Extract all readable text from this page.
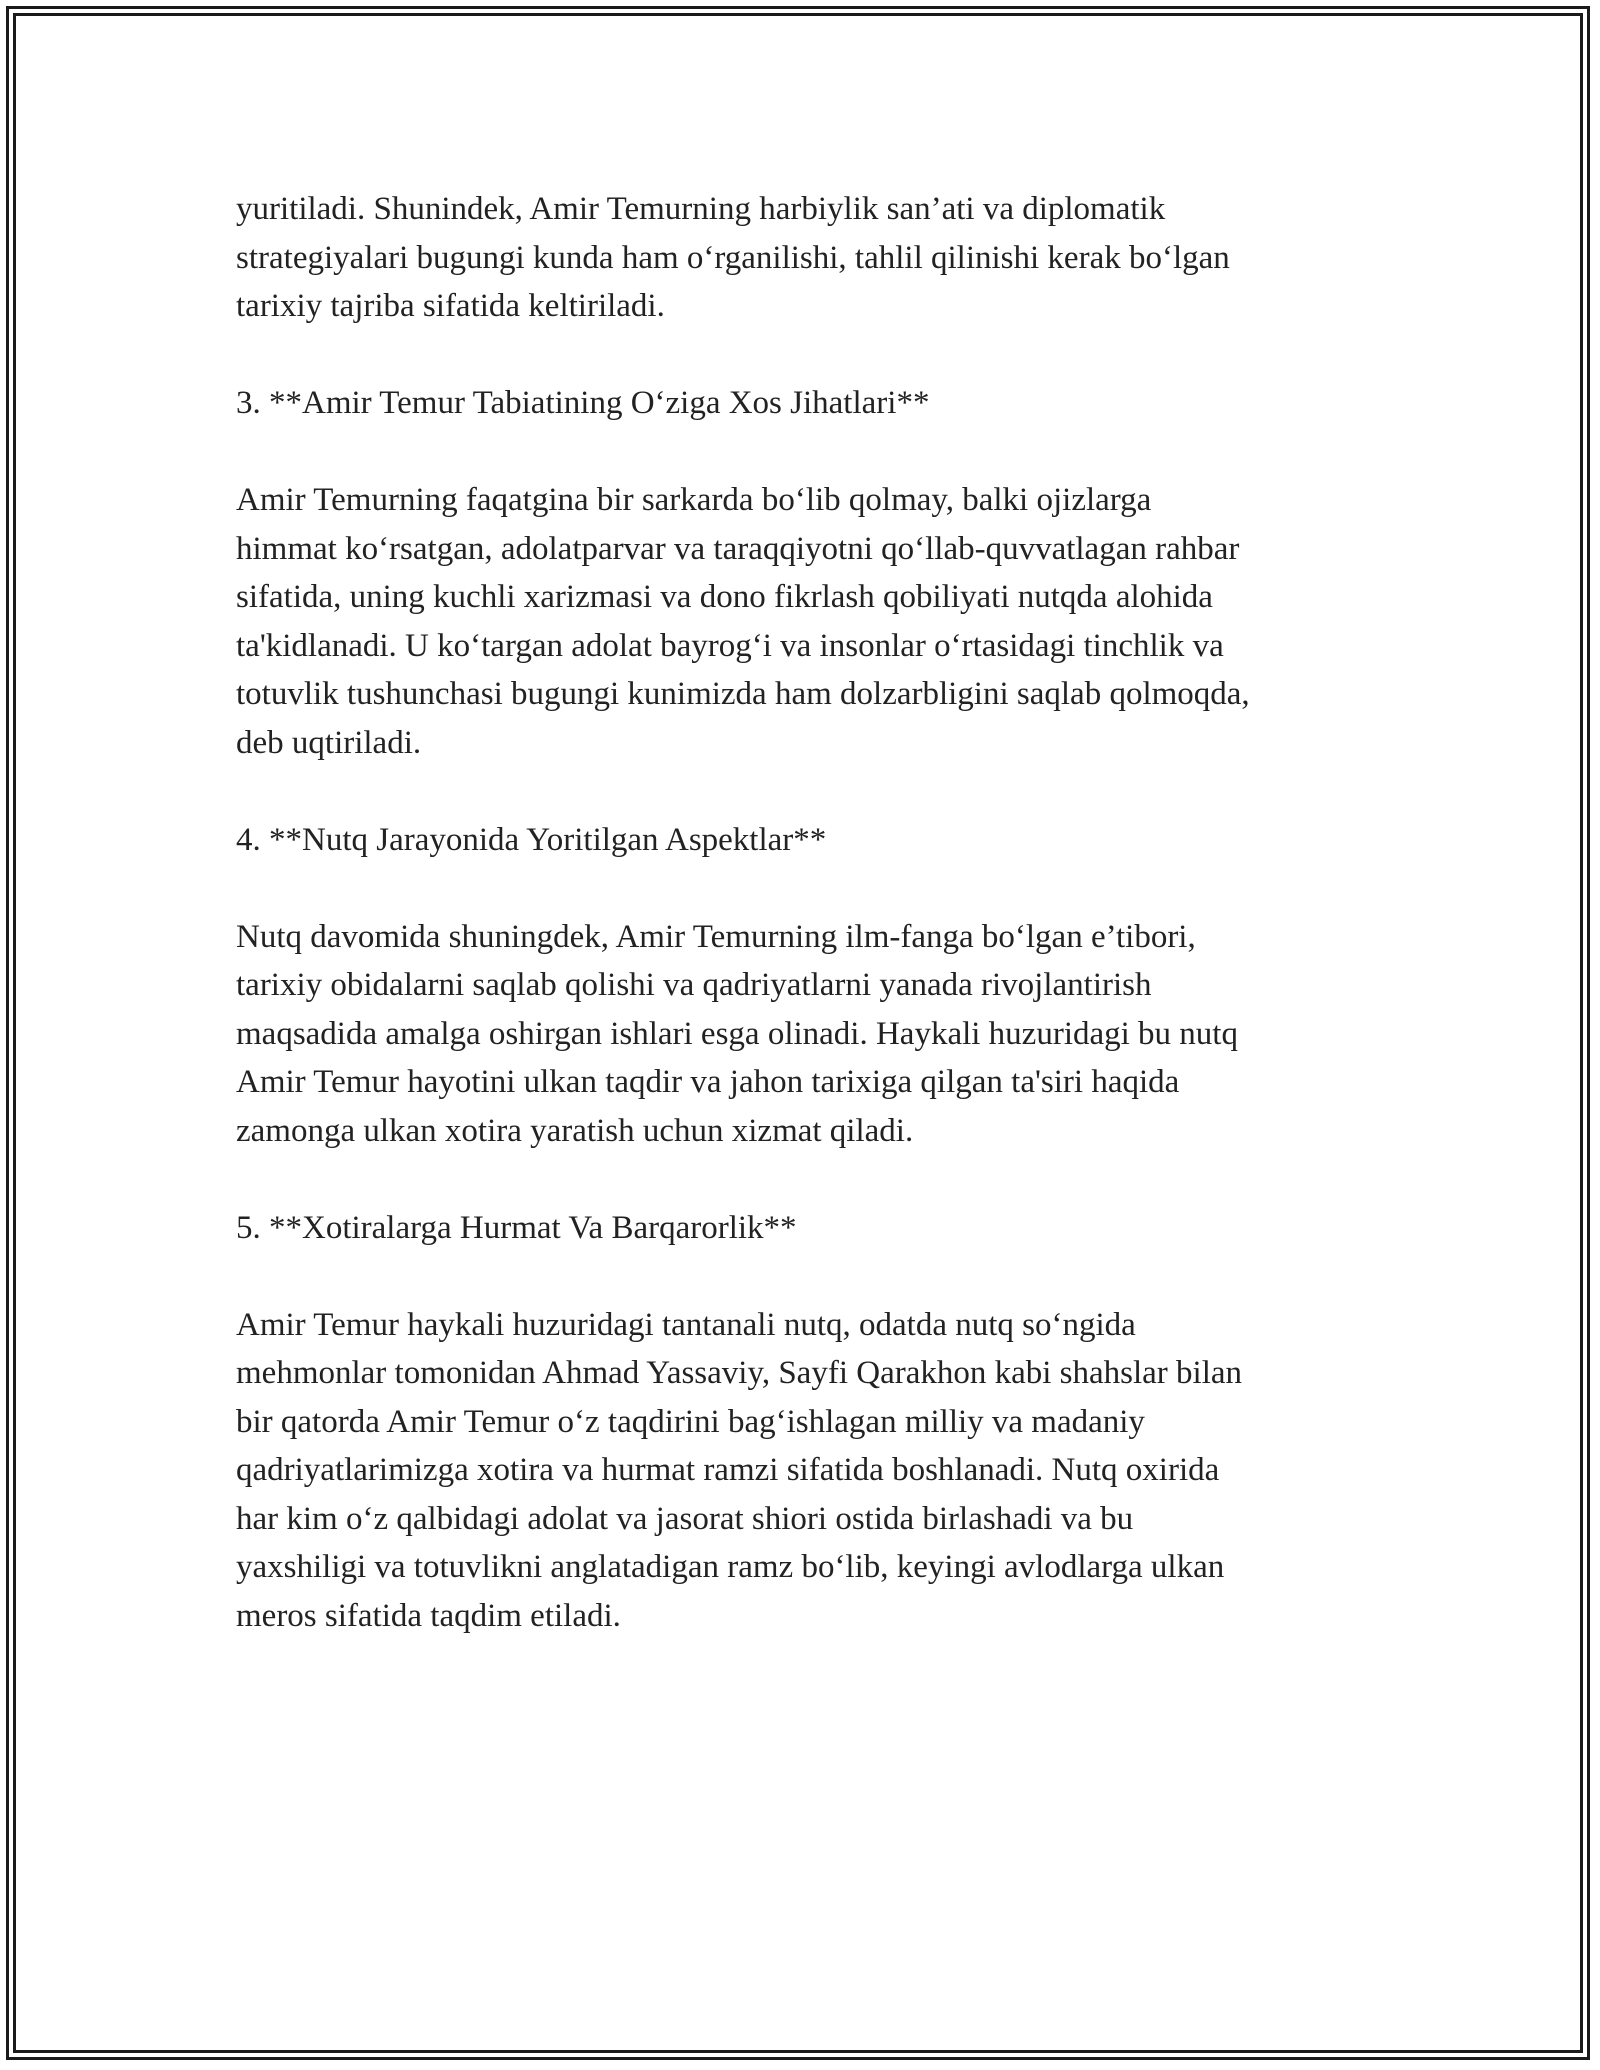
yuritiladi. Shunindek, Amir Temurning harbiylik san’ati va diplomatik
strategiyalari bugungi kunda ham o‘rganilishi, tahlil qilinishi kerak bo‘lgan
tarixiy tajriba sifatida keltiriladi.

3. **Amir Temur Tabiatining O‘ziga Xos Jihatlari**

Amir Temurning faqatgina bir sarkarda bo‘lib qolmay, balki ojizlarga
himmat ko‘rsatgan, adolatparvar va taraqqiyotni qo‘llab-quvvatlagan rahbar
sifatida, uning kuchli xarizmasi va dono fikrlash qobiliyati nutqda alohida
ta'kidlanadi. U ko‘targan adolat bayrog‘i va insonlar o‘rtasidagi tinchlik va
totuvlik tushunchasi bugungi kunimizda ham dolzarbligini saqlab qolmoqda,
deb uqtiriladi.

4. **Nutq Jarayonida Yoritilgan Aspektlar**

Nutq davomida shuningdek, Amir Temurning ilm-fanga bo‘lgan e’tibori,
tarixiy obidalarni saqlab qolishi va qadriyatlarni yanada rivojlantirish
maqsadida amalga oshirgan ishlari esga olinadi. Haykali huzuridagi bu nutq
Amir Temur hayotini ulkan taqdir va jahon tarixiga qilgan ta'siri haqida
zamonga ulkan xotira yaratish uchun xizmat qiladi.

5. **Xotiralarga Hurmat Va Barqarorlik**

Amir Temur haykali huzuridagi tantanali nutq, odatda nutq so‘ngida
mehmonlar tomonidan Ahmad Yassaviy, Sayfi Qarakhon kabi shahslar bilan
bir qatorda Amir Temur o‘z taqdirini bag‘ishlagan milliy va madaniy
qadriyatlarimizga xotira va hurmat ramzi sifatida boshlanadi. Nutq oxirida
har kim o‘z qalbidagi adolat va jasorat shiori ostida birlashadi va bu
yaxshiligi va totuvlikni anglatadigan ramz bo‘lib, keyingi avlodlarga ulkan
meros sifatida taqdim etiladi.
